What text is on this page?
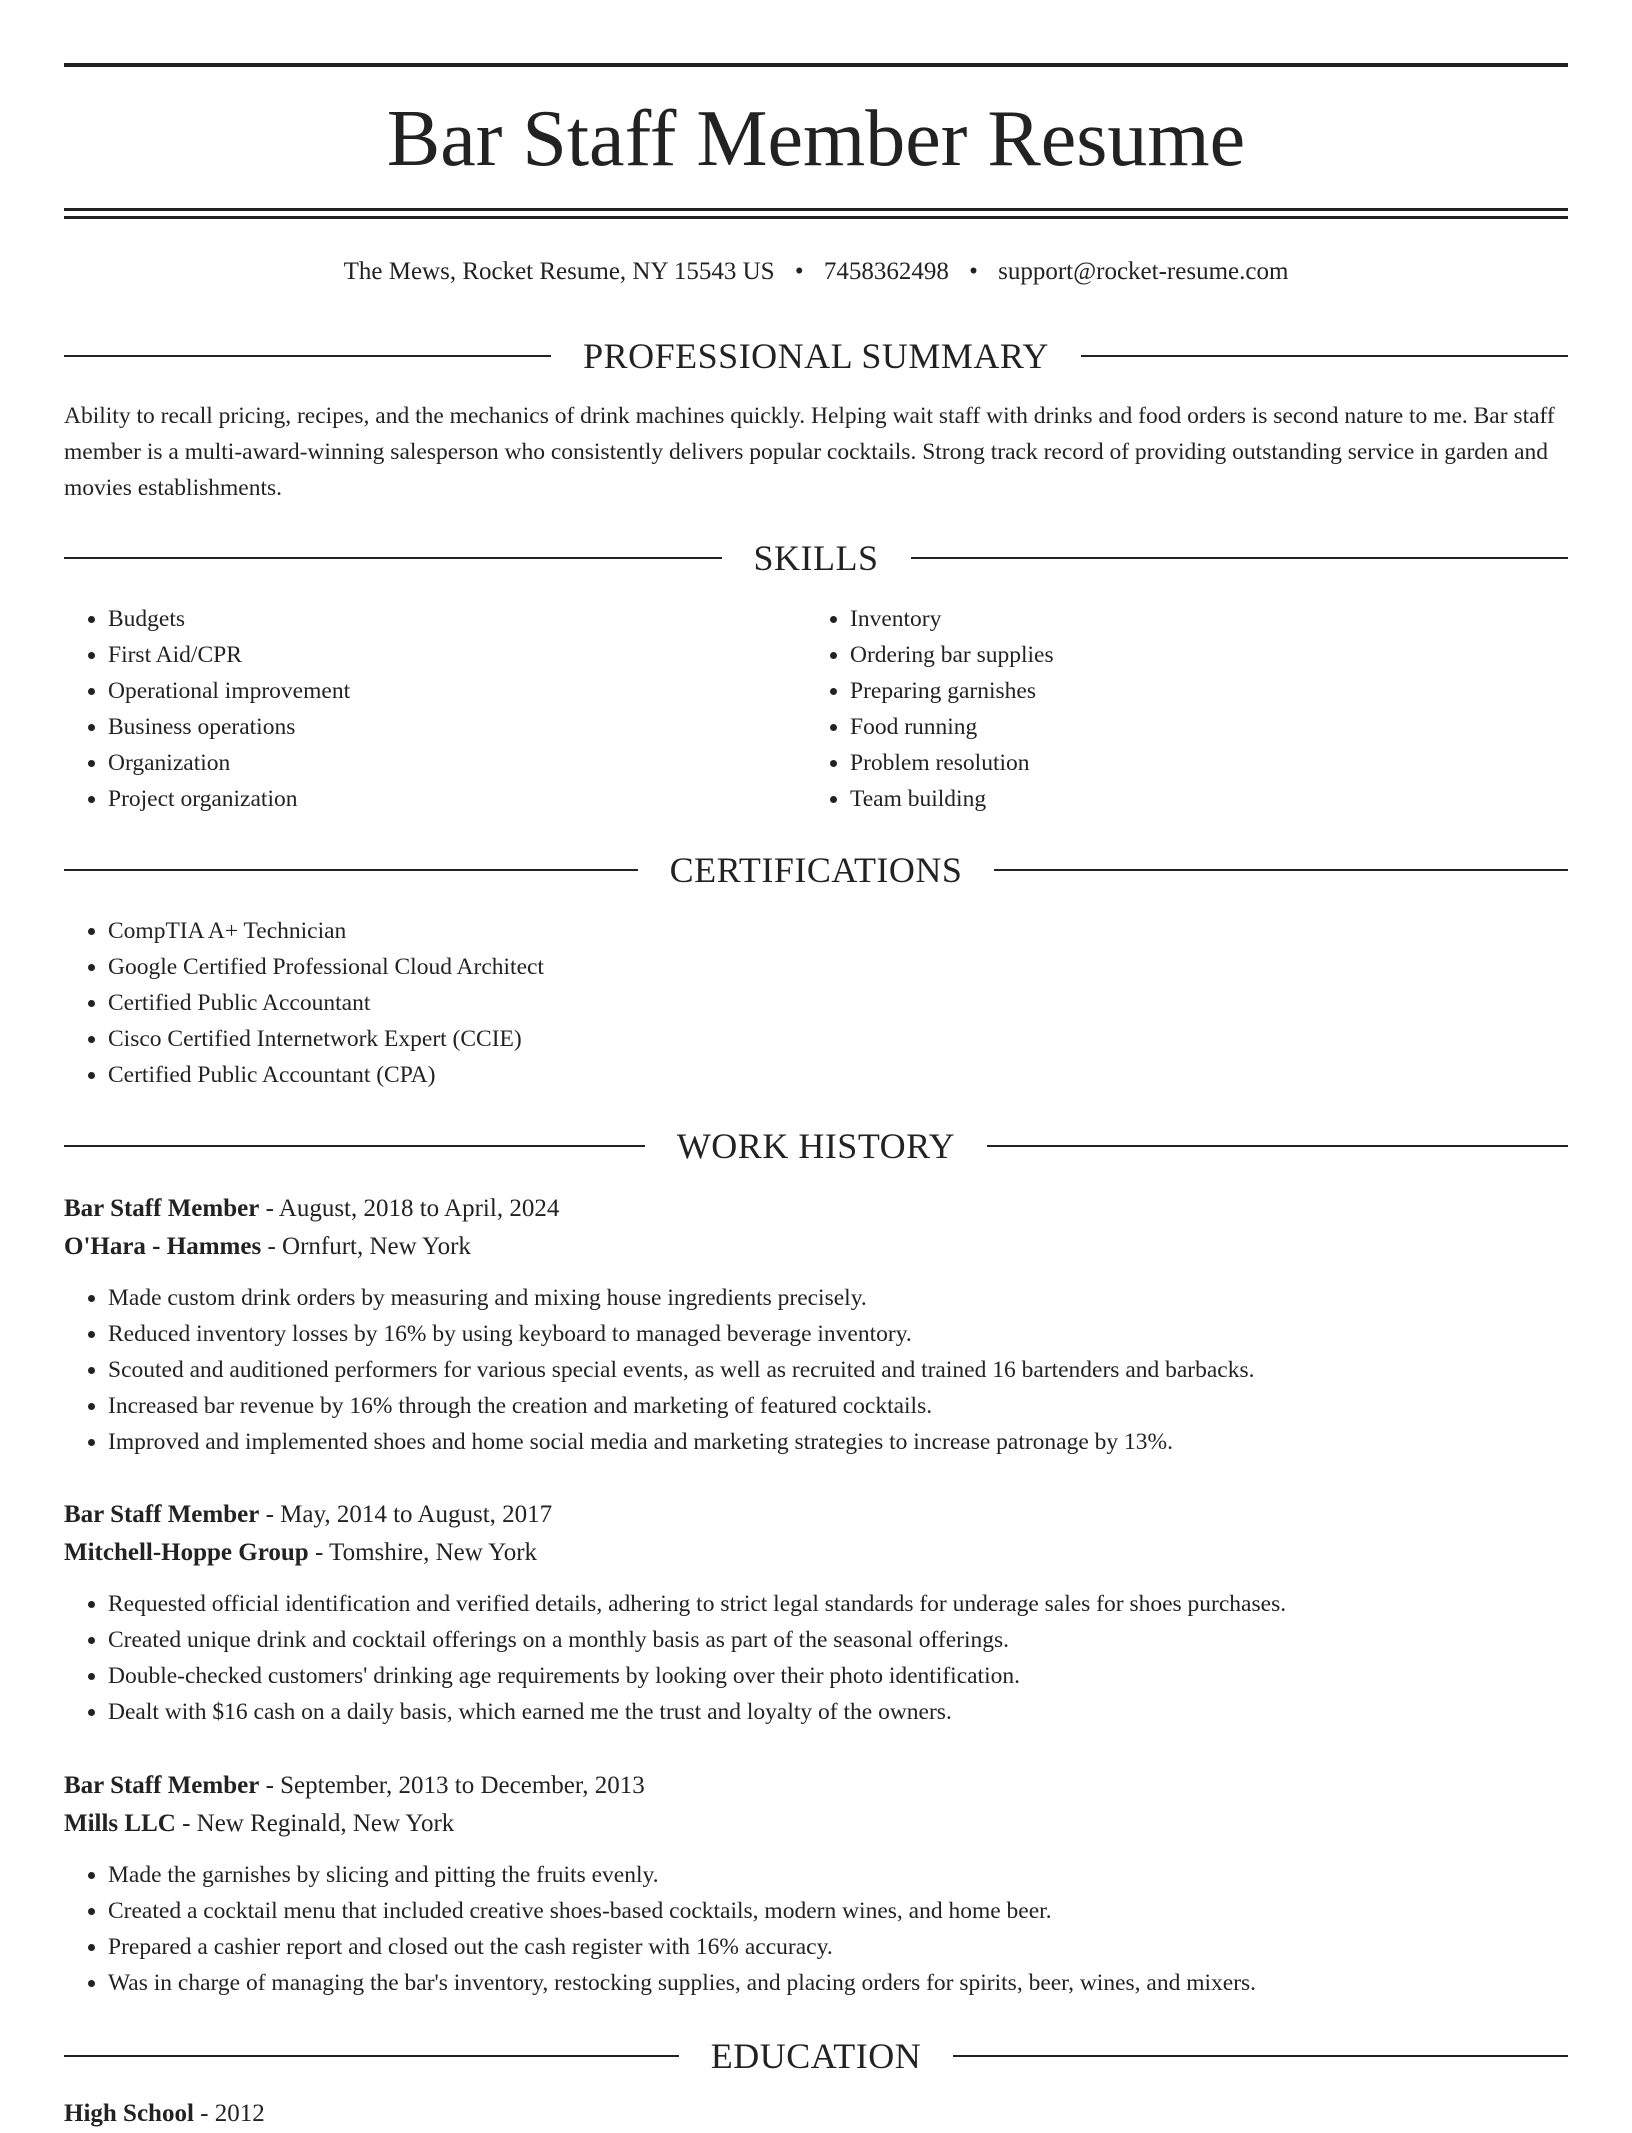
Bar Staff Member Resume
The Mews, Rocket Resume, NY 15543 US • 7458362498 • support@rocket-resume.com
PROFESSIONAL SUMMARY

Ability to recall pricing, recipes, and the mechanics of drink machines quickly. Helping wait staff with drinks and food orders is second nature to me. Bar staff member is a multi-award-winning salesperson who consistently delivers popular cocktails. Strong track record of providing outstanding service in garden and movies establishments.

SKILLS
• Budgets
• First Aid/CPR
• Operational improvement
• Business operations
• Organization
• Project organization
• Inventory
• Ordering bar supplies
• Preparing garnishes
• Food running
• Problem resolution
• Team building
CERTIFICATIONS
• CompTIA A+ Technician
• Google Certified Professional Cloud Architect
• Certified Public Accountant
• Cisco Certified Internetwork Expert (CCIE)
• Certified Public Accountant (CPA)
WORK HISTORY
Bar Staff Member - August, 2018 to April, 2024
O'Hara - Hammes - Ornfurt, New York
• Made custom drink orders by measuring and mixing house ingredients precisely.
• Reduced inventory losses by 16% by using keyboard to managed beverage inventory.
• Scouted and auditioned performers for various special events, as well as recruited and trained 16 bartenders and barbacks.
• Increased bar revenue by 16% through the creation and marketing of featured cocktails.
• Improved and implemented shoes and home social media and marketing strategies to increase patronage by 13%.
Bar Staff Member - May, 2014 to August, 2017
Mitchell-Hoppe Group - Tomshire, New York
• Requested official identification and verified details, adhering to strict legal standards for underage sales for shoes purchases.
• Created unique drink and cocktail offerings on a monthly basis as part of the seasonal offerings.
• Double-checked customers' drinking age requirements by looking over their photo identification.
• Dealt with $16 cash on a daily basis, which earned me the trust and loyalty of the owners.
Bar Staff Member - September, 2013 to December, 2013
Mills LLC - New Reginald, New York
• Made the garnishes by slicing and pitting the fruits evenly.
• Created a cocktail menu that included creative shoes-based cocktails, modern wines, and home beer.
• Prepared a cashier report and closed out the cash register with 16% accuracy.
• Was in charge of managing the bar's inventory, restocking supplies, and placing orders for spirits, beer, wines, and mixers.
EDUCATION
High School - 2012
